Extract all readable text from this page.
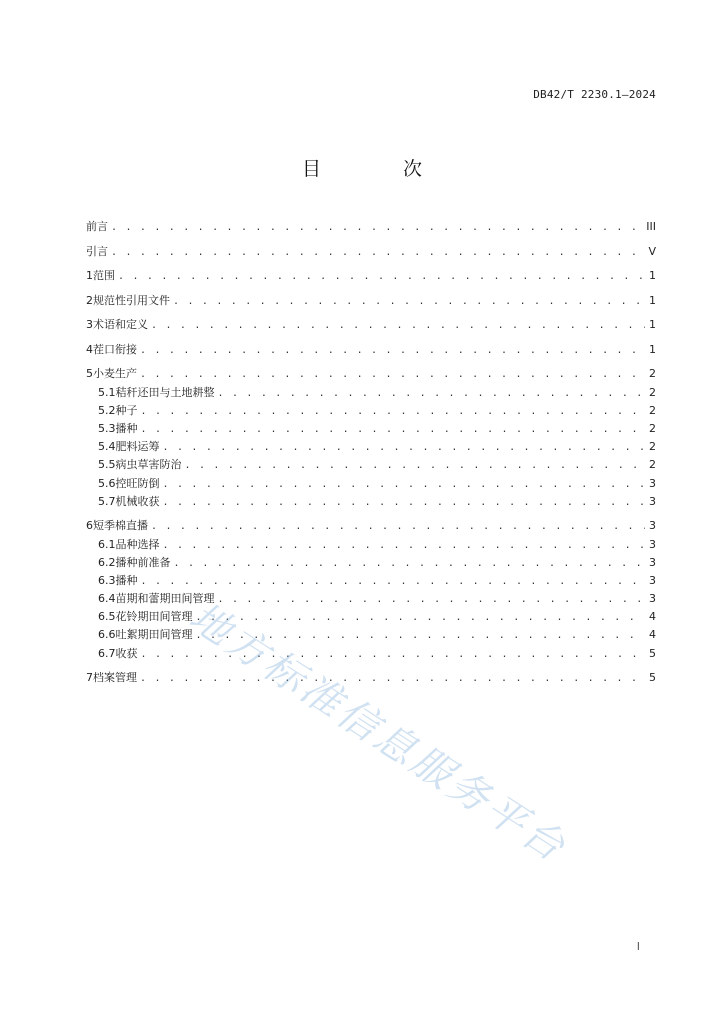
DB42/T 2230.1—2024
目 次
前言 . . .	III
引言 . . .	V
1 范围 . . .	1
2 规范性引用文件 . . .	1
3 术语和定义 . . .	1
4 茬口衔接 . . .	1
5 小麦生产 . . .	2
5.1 秸秆还田与土地耕整 . . .	2
5.2 种子 . . .	2
5.3 播种 . . .	2
5.4 肥料运筹 . . .	2
5.5 病虫草害防治 . . .	2
5.6 控旺防倒 . . .	3
5.7 机械收获 . . .	3
6 短季棉直播 . . .	3
6.1 品种选择 . . .	3
6.2 播种前准备 . . .	3
6.3 播种 . . .	3
6.4 苗期和蕾期田间管理 . . .	3
6.5 花铃期田间管理 . . .	4
6.6 吐絮期田间管理 . . .	4
6.7 收获 . . .	5
7 档案管理 . . .	5
地方标准信息服务平台
I
